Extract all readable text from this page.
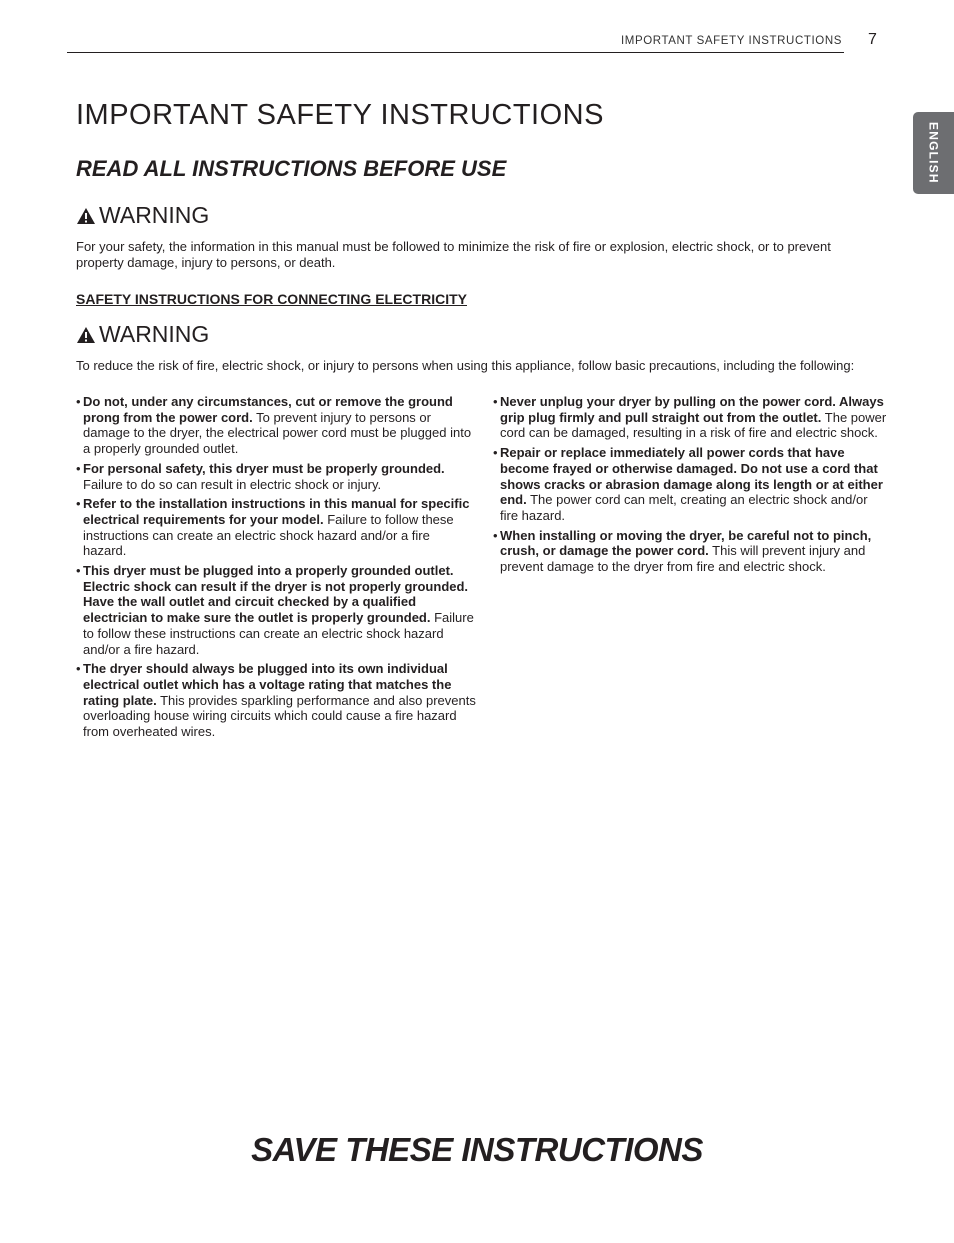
IMPORTANT SAFETY INSTRUCTIONS 7
ENGLISH
IMPORTANT SAFETY INSTRUCTIONS
READ ALL INSTRUCTIONS BEFORE USE
WARNING

For your safety, the information in this manual must be followed to minimize the risk of fire or explosion, electric shock, or to prevent property damage, injury to persons, or death.

SAFETY INSTRUCTIONS FOR CONNECTING ELECTRICITY
WARNING

To reduce the risk of fire, electric shock, or injury to persons when using this appliance, follow basic precautions, including the following:

• Do not, under any circumstances, cut or remove the ground prong from the power cord. To prevent injury to persons or damage to the dryer, the electrical power cord must be plugged into a properly grounded outlet.
• For personal safety, this dryer must be properly grounded. Failure to do so can result in electric shock or injury.
• Refer to the installation instructions in this manual for specific electrical requirements for your model. Failure to follow these instructions can create an electric shock hazard and/or a fire hazard.
• This dryer must be plugged into a properly grounded outlet. Electric shock can result if the dryer is not properly grounded. Have the wall outlet and circuit checked by a qualified electrician to make sure the outlet is properly grounded. Failure to follow these instructions can create an electric shock hazard and/or a fire hazard.
• The dryer should always be plugged into its own individual electrical outlet which has a voltage rating that matches the rating plate. This provides sparkling performance and also prevents overloading house wiring circuits which could cause a fire hazard from overheated wires.
• Never unplug your dryer by pulling on the power cord. Always grip plug firmly and pull straight out from the outlet. The power cord can be damaged, resulting in a risk of fire and electric shock.
• Repair or replace immediately all power cords that have become frayed or otherwise damaged. Do not use a cord that shows cracks or abrasion damage along its length or at either end. The power cord can melt, creating an electric shock and/or fire hazard.
• When installing or moving the dryer, be careful not to pinch, crush, or damage the power cord. This will prevent injury and prevent damage to the dryer from fire and electric shock.
SAVE THESE INSTRUCTIONS
